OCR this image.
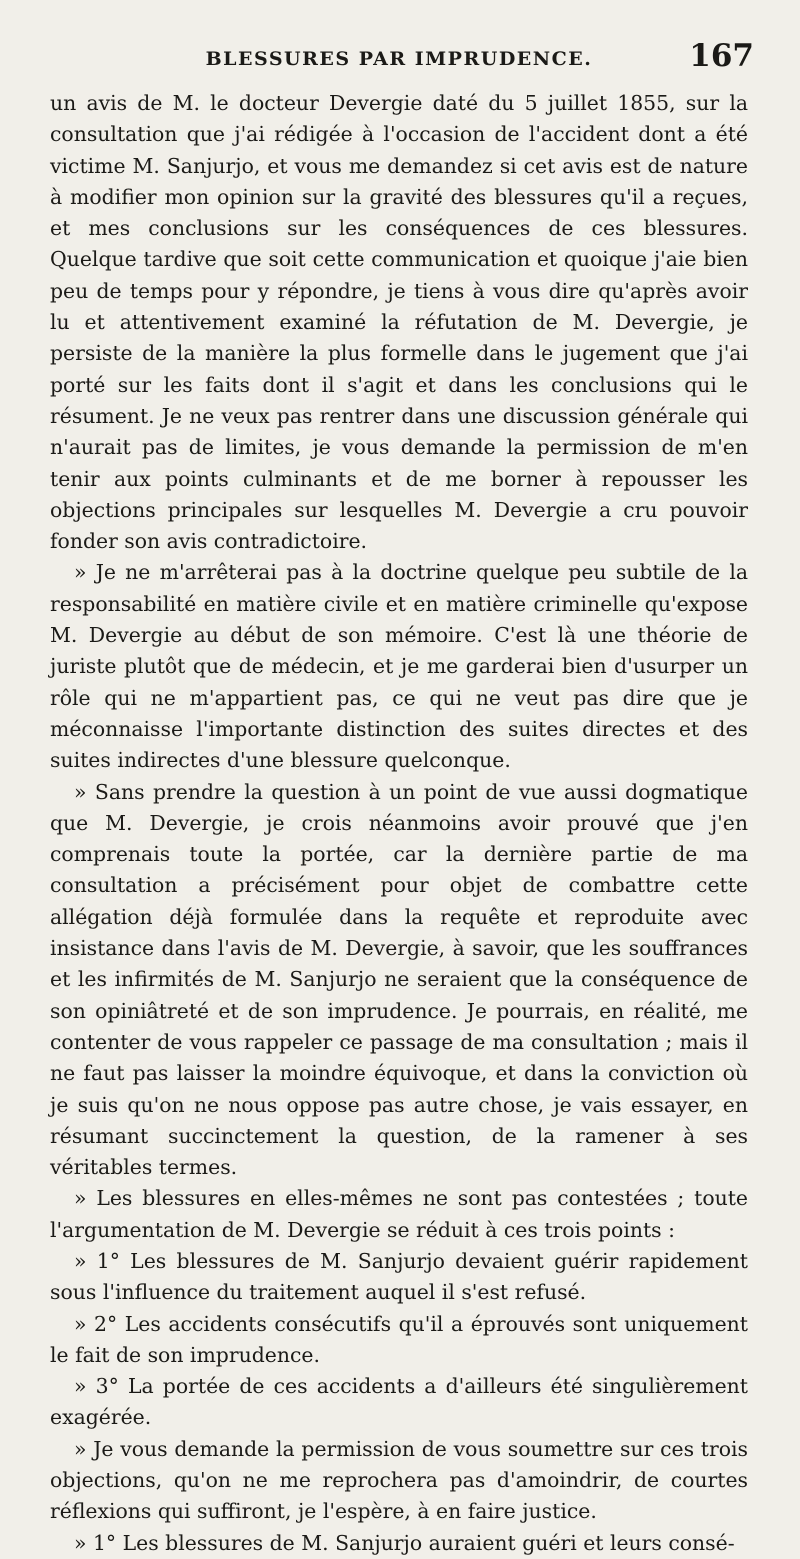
BLESSURES PAR IMPRUDENCE.	167

un avis de M. le docteur Devergie daté du 5 juillet 1855, sur la consultation que j'ai rédigée à l'occasion de l'accident dont a été victime M. Sanjurjo, et vous me demandez si cet avis est de nature à modifier mon opinion sur la gravité des blessures qu'il a reçues, et mes conclusions sur les conséquences de ces blessures. Quelque tardive que soit cette communication et quoique j'aie bien peu de temps pour y répondre, je tiens à vous dire qu'après avoir lu et attentivement examiné la réfutation de M. Devergie, je persiste de la manière la plus formelle dans le jugement que j'ai porté sur les faits dont il s'agit et dans les conclusions qui le résument. Je ne veux pas rentrer dans une discussion générale qui n'aurait pas de limites, je vous demande la permission de m'en tenir aux points culminants et de me borner à repousser les objections principales sur lesquelles M. Devergie a cru pouvoir fonder son avis contradictoire.

» Je ne m'arrêterai pas à la doctrine quelque peu subtile de la responsabilité en matière civile et en matière criminelle qu'expose M. Devergie au début de son mémoire. C'est là une théorie de juriste plutôt que de médecin, et je me garderai bien d'usurper un rôle qui ne m'appartient pas, ce qui ne veut pas dire que je méconnaisse l'importante distinction des suites directes et des suites indirectes d'une blessure quelconque.

» Sans prendre la question à un point de vue aussi dogmatique que M. Devergie, je crois néanmoins avoir prouvé que j'en comprenais toute la portée, car la dernière partie de ma consultation a précisément pour objet de combattre cette allégation déjà formulée dans la requête et reproduite avec insistance dans l'avis de M. Devergie, à savoir, que les souffrances et les infirmités de M. Sanjurjo ne seraient que la conséquence de son opiniâtreté et de son imprudence. Je pourrais, en réalité, me contenter de vous rappeler ce passage de ma consultation ; mais il ne faut pas laisser la moindre équivoque, et dans la conviction où je suis qu'on ne nous oppose pas autre chose, je vais essayer, en résumant succinctement la question, de la ramener à ses véritables termes.

» Les blessures en elles-mêmes ne sont pas contestées ; toute l'argumentation de M. Devergie se réduit à ces trois points :

» 1° Les blessures de M. Sanjurjo devaient guérir rapidement sous l'influence du traitement auquel il s'est refusé.

» 2° Les accidents consécutifs qu'il a éprouvés sont uniquement le fait de son imprudence.

» 3° La portée de ces accidents a d'ailleurs été singulièrement exagérée.

» Je vous demande la permission de vous soumettre sur ces trois objections, qu'on ne me reprochera pas d'amoindrir, de courtes réflexions qui suffiront, je l'espère, à en faire justice.

» 1° Les blessures de M. Sanjurjo auraient guéri et leurs consé-
